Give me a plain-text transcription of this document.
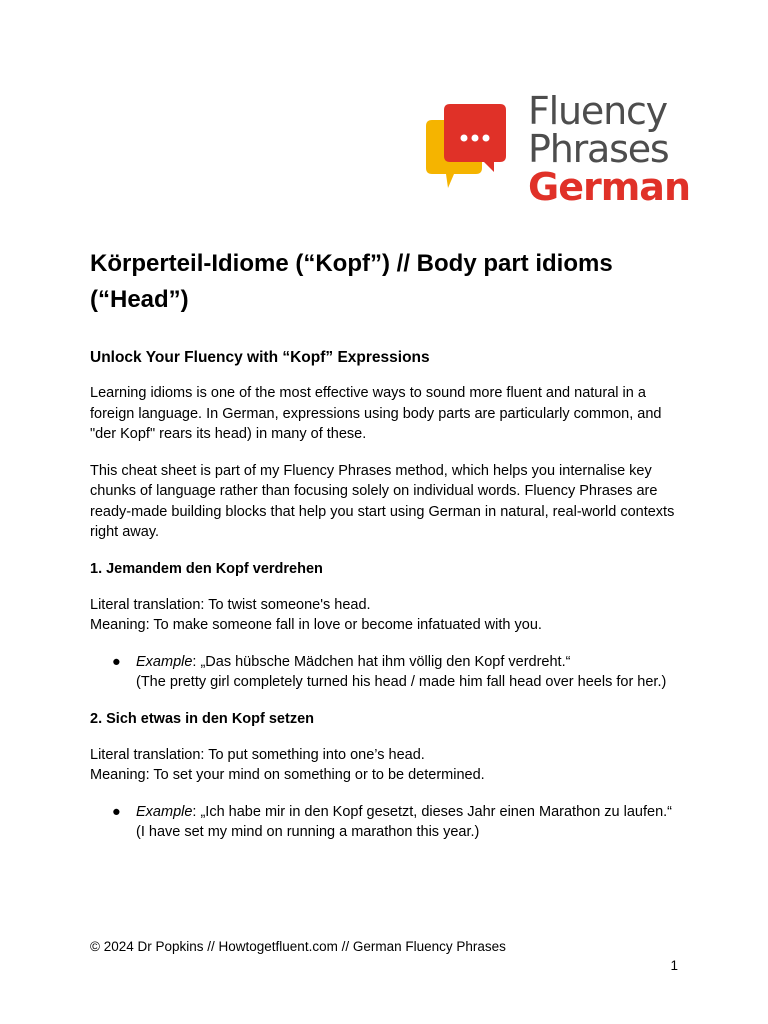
Fluency
Phrases
German
Körperteil-Idiome (“Kopf”) // Body part idioms (“Head”)
Unlock Your Fluency with “Kopf” Expressions

Learning idioms is one of the most effective ways to sound more fluent and natural in a foreign language. In German, expressions using body parts are particularly common, and "der Kopf" rears its head) in many of these.

This cheat sheet is part of my Fluency Phrases method, which helps you internalise key chunks of language rather than focusing solely on individual words. Fluency Phrases are ready-made building blocks that help you start using German in natural, real-world contexts right away.

1. Jemandem den Kopf verdrehen

Literal translation: To twist someone's head.

Meaning: To make someone fall in love or become infatuated with you.

● Example: „Das hübsche Mädchen hat ihm völlig den Kopf verdreht.“
(The pretty girl completely turned his head / made him fall head over heels for her.)
2. Sich etwas in den Kopf setzen

Literal translation: To put something into one’s head.

Meaning: To set your mind on something or to be determined.

● Example: „Ich habe mir in den Kopf gesetzt, dieses Jahr einen Marathon zu laufen.“
(I have set my mind on running a marathon this year.)
© 2024 Dr Popkins // Howtogetfluent.com // German Fluency Phrases
1
